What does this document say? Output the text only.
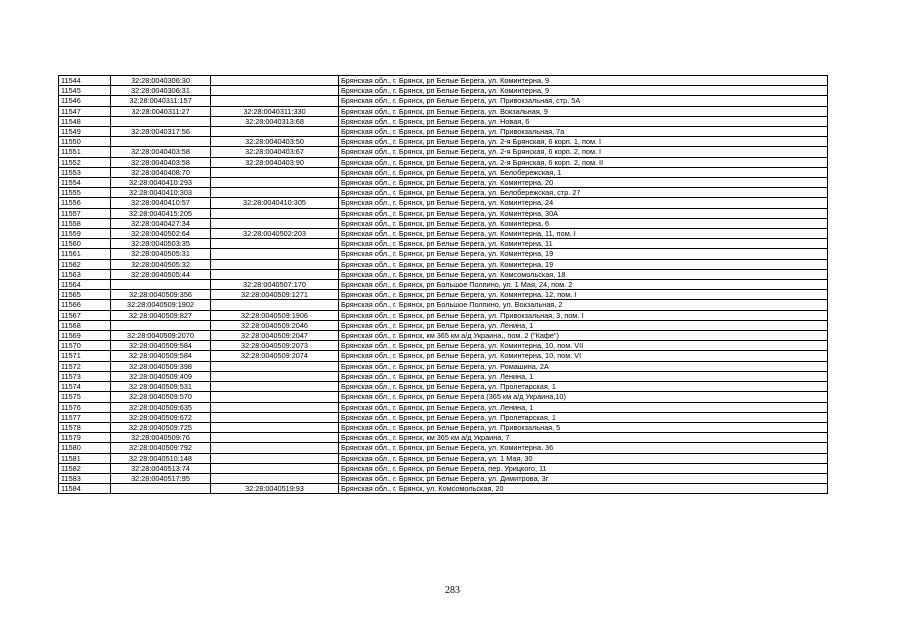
11544	32:28:0040306:30		Брянская обл., г. Брянск, рп Белые Берега, ул. Коминтерна, 9
11545	32:28:0040306:31		Брянская обл., г. Брянск, рп Белые Берега, ул. Коминтерна, 9
11546	32:28:0040311:157		Брянская обл., г. Брянск, рп Белые Берега, ул. Привокзальная, стр. 5А
11547	32:28:0040311:27	32:28:0040311:330	Брянская обл., г. Брянск, рп Белые Берега, ул. Вокзальная, 9
11548		32:28:0040313:68	Брянская обл., г. Брянск, рп Белые Берега, ул. Новая, 6
11549	32:28:0040317:56		Брянская обл., г. Брянск, рп Белые Берега, ул. Привокзальная, 7а
11550		32:28:0040403:50	Брянская обл., г. Брянск, рп Белые Берега, ул. 2-я Брянская, 6 корп. 1, пом. I
11551	32:28:0040403:58	32:28:0040403:67	Брянская обл., г. Брянск, рп Белые Берега, ул. 2-я Брянская, 6 корп. 2, пом. I
11552	32:28:0040403:58	32:28:0040403:90	Брянская обл., г. Брянск, рп Белые Берега, ул. 2-я Брянская, 6 корп. 2, пом. II
11553	32:28:0040408:70		Брянская обл., г. Брянск, рп Белые Берега, ул. Белобережская, 1
11554	32:28:0040410:293		Брянская обл., г. Брянск, рп Белые Берега, ул. Коминтерна, 20
11555	32:28:0040410:303		Брянская обл., г. Брянск, рп Белые Берега, ул. Белобережская, стр. 27
11556	32:28:0040410:57	32:28:0040410:305	Брянская обл., г. Брянск, рп Белые Берега, ул. Коминтерна, 24
11557	32:28:0040415:205		Брянская обл., г. Брянск, рп Белые Берега, ул. Коминтерна, 30А
11558	32:28:0040427:34		Брянская обл., г. Брянск, рп Белые Берега, ул. Коминтерна, 6
11559	32:28:0040502:64	32:28:0040502:203	Брянская обл., г. Брянск, рп Белые Берега, ул. Коминтерна, 11, пом. I
11560	32:28:0040503:35		Брянская обл., г. Брянск, рп Белые Берега, ул. Коминтерна, 11
11561	32:28:0040505:31		Брянская обл., г. Брянск, рп Белые Берега, ул. Коминтерна, 19
11562	32:28:0040505:32		Брянская обл., г. Брянск, рп Белые Берега, ул. Коминтерна, 19
11563	32:28:0040505:44		Брянская обл., г. Брянск, рп Белые Берега, ул. Комсомольская, 18
11564		32:28:0040507:170	Брянская обл., г. Брянск, рп Большое Полпино, ул. 1 Мая, 24, пом. 2
11565	32:28:0040509:356	32:28:0040509:1271	Брянская обл., г. Брянск, рп Белые Берега, ул. Коминтерна, 12, пом. I
11566	32:28:0040509:1902		Брянская обл., г. Брянск, рп Большое Полпино, ул. Вокзальная, 2
11567	32:28:0040509:827	32:28:0040509:1906	Брянская обл., г. Брянск, рп Белые Берега, ул. Привокзальная, 3, пом. I
11568		32:28:0040509:2046	Брянская обл., г. Брянск, рп Белые Берега, ул. Ленина, 1
11569	32:28:0040509:2070	32:28:0040509:2047	Брянская обл., г. Брянск, км 365 км а/д Украина,, пом. 2 ("Кафе")
11570	32:28:0040509:584	32:28:0040509:2073	Брянская обл., г. Брянск, рп Белые Берега, ул. Коминтерна, 10, пом. VII
11571	32:28:0040509:584	32:28:0040509:2074	Брянская обл., г. Брянск, рп Белые Берега, ул. Коминтерна, 10, пом. VI
11572	32:28:0040509:398		Брянская обл., г. Брянск, рп Белые Берега, ул. Ромашина, 2А
11573	32:28:0040509:409		Брянская обл., г. Брянск, рп Белые Берега, ул. Ленина, 1
11574	32:28:0040509:531		Брянская обл., г. Брянск, рп Белые Берега, ул. Пролетарская, 1
11575	32:28:0040509:570		Брянская обл., г. Брянск, рп Белые Берега (365 км а/д Украина,10)
11576	32:28:0040509:635		Брянская обл., г. Брянск, рп Белые Берега, ул. Ленина, 1
11577	32:28:0040509:672		Брянская обл., г. Брянск, рп Белые Берега, ул. Пролетарская, 1
11578	32:28:0040509:725		Брянская обл., г. Брянск, рп Белые Берега, ул. Привокзальная, 5
11579	32:28:0040509:76		Брянская обл., г. Брянск, км 365 км а/д Украина, 7
11580	32:28:0040509:792		Брянская обл., г. Брянск, рп Белые Берега, ул. Коминтерна, 36
11581	32:28:0040510:148		Брянская обл., г. Брянск, рп Белые Берега, ул. 1 Мая, 30
11582	32:28:0040513:74		Брянская обл., г. Брянск, рп Белые Берега, пер. Урицкого, 11
11583	32:28:0040517:95		Брянская обл., г. Брянск, рп Белые Берега, ул. Димитрова, 3г
11584		32:28:0040519:93	Брянская обл., г. Брянск, ул. Комсомольская, 20
283
